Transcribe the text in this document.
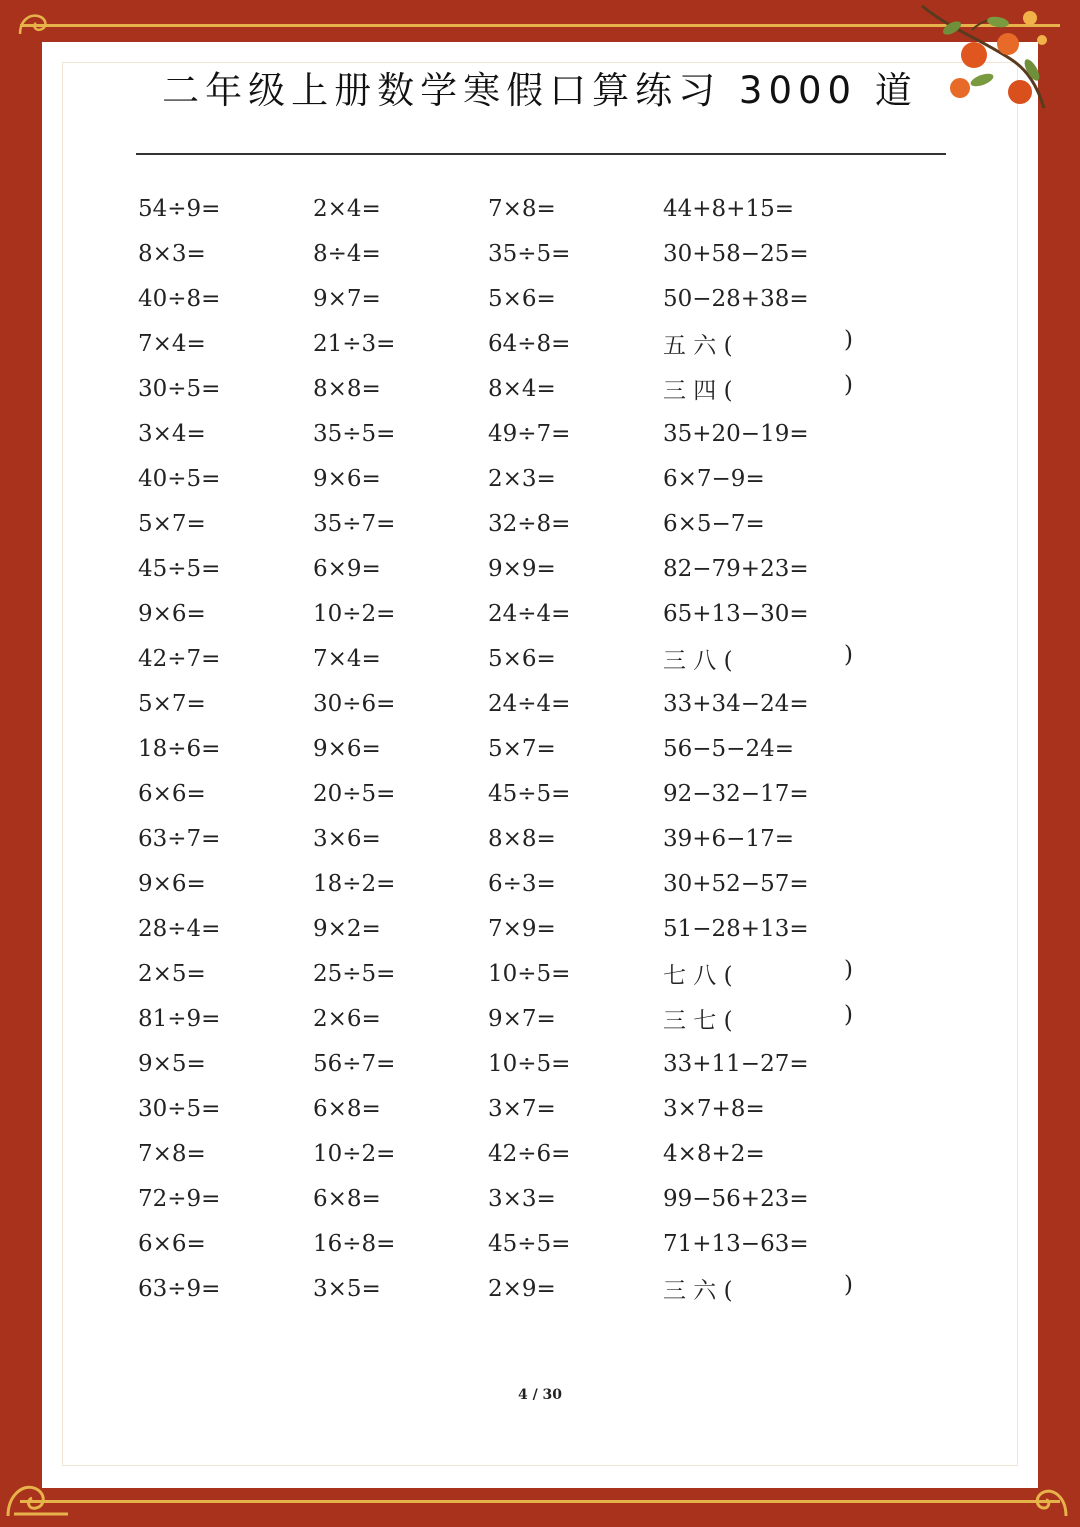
二年级上册数学寒假口算练习 3000 道
54÷9=	2×4=	7×8=	44+8+15=
8×3=	8÷4=	35÷5=	30+58−25=
40÷8=	9×7=	5×6=	50−28+38=
7×4=	21÷3=	64÷8=	五 六 (	)
30÷5=	8×8=	8×4=	三 四 (	)
3×4=	35÷5=	49÷7=	35+20−19=
40÷5=	9×6=	2×3=	6×7−9=
5×7=	35÷7=	32÷8=	6×5−7=
45÷5=	6×9=	9×9=	82−79+23=
9×6=	10÷2=	24÷4=	65+13−30=
42÷7=	7×4=	5×6=	三 八 (	)
5×7=	30÷6=	24÷4=	33+34−24=
18÷6=	9×6=	5×7=	56−5−24=
6×6=	20÷5=	45÷5=	92−32−17=
63÷7=	3×6=	8×8=	39+6−17=
9×6=	18÷2=	6÷3=	30+52−57=
28÷4=	9×2=	7×9=	51−28+13=
2×5=	25÷5=	10÷5=	七 八 (	)
81÷9=	2×6=	9×7=	三 七 (	)
9×5=	56÷7=	10÷5=	33+11−27=
30÷5=	6×8=	3×7=	3×7+8=
7×8=	10÷2=	42÷6=	4×8+2=
72÷9=	6×8=	3×3=	99−56+23=
6×6=	16÷8=	45÷5=	71+13−63=
63÷9=	3×5=	2×9=	三 六 (	)
4 / 30
